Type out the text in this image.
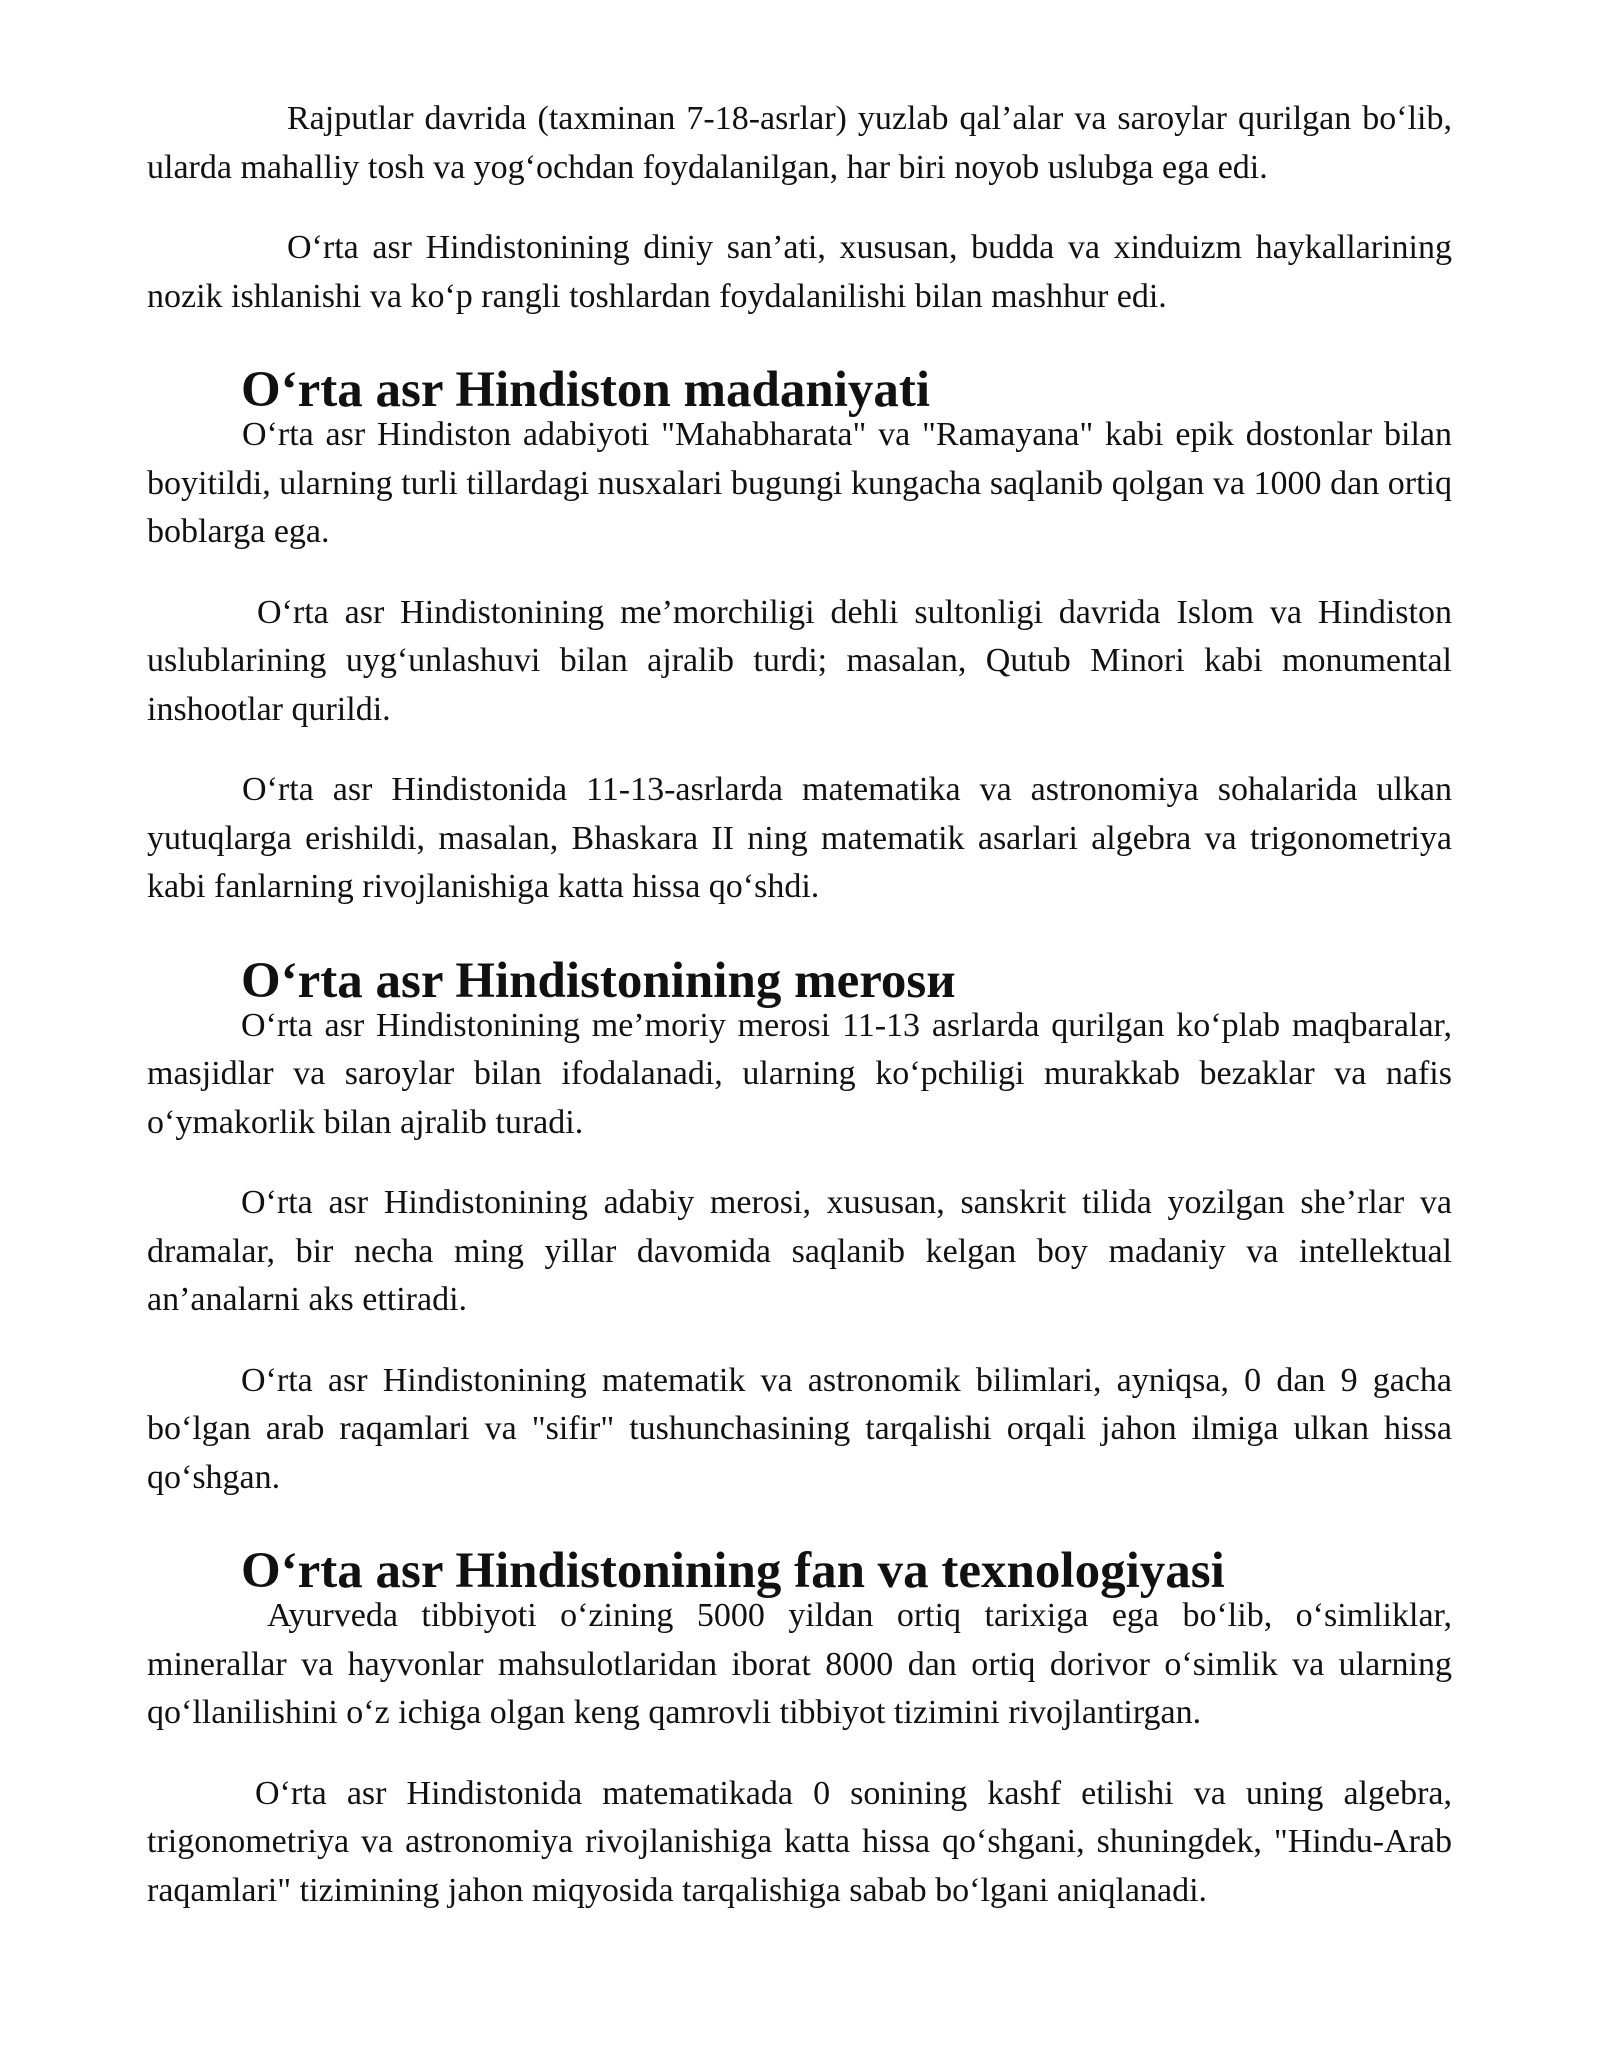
Rajputlar davrida (taxminan 7-18-asrlar) yuzlab qal’alar va saroylar qurilgan bo‘lib, ularda mahalliy tosh va yog‘ochdan foydalanilgan, har biri noyob uslubga ega edi.

O‘rta asr Hindistonining diniy san’ati, xususan, budda va xinduizm haykallarining nozik ishlanishi va ko‘p rangli toshlardan foydalanilishi bilan mashhur edi.

O‘rta asr Hindiston madaniyati

O‘rta asr Hindiston adabiyoti "Mahabharata" va "Ramayana" kabi epik dostonlar bilan boyitildi, ularning turli tillardagi nusxalari bugungi kungacha saqlanib qolgan va 1000 dan ortiq boblarga ega.

O‘rta asr Hindistonining me’morchiligi dehli sultonligi davrida Islom va Hindiston uslublarining uyg‘unlashuvi bilan ajralib turdi; masalan, Qutub Minori kabi monumental inshootlar qurildi.

O‘rta asr Hindistonida 11-13-asrlarda matematika va astronomiya sohalarida ulkan yutuqlarga erishildi, masalan, Bhaskara II ning matematik asarlari algebra va trigonometriya kabi fanlarning rivojlanishiga katta hissa qo‘shdi.

O‘rta asr Hindistonining merosи

O‘rta asr Hindistonining me’moriy merosi 11-13 asrlarda qurilgan ko‘plab maqbaralar, masjidlar va saroylar bilan ifodalanadi, ularning ko‘pchiligi murakkab bezaklar va nafis o‘ymakorlik bilan ajralib turadi.

O‘rta asr Hindistonining adabiy merosi, xususan, sanskrit tilida yozilgan she’rlar va dramalar, bir necha ming yillar davomida saqlanib kelgan boy madaniy va intellektual an’analarni aks ettiradi.

O‘rta asr Hindistonining matematik va astronomik bilimlari, ayniqsa, 0 dan 9 gacha bo‘lgan arab raqamlari va "sifir" tushunchasining tarqalishi orqali jahon ilmiga ulkan hissa qo‘shgan.

O‘rta asr Hindistonining fan va texnologiyasi

Ayurveda tibbiyoti o‘zining 5000 yildan ortiq tarixiga ega bo‘lib, o‘simliklar, minerallar va hayvonlar mahsulotlaridan iborat 8000 dan ortiq dorivor o‘simlik va ularning qo‘llanilishini o‘z ichiga olgan keng qamrovli tibbiyot tizimini rivojlantirgan.

O‘rta asr Hindistonida matematikada 0 sonining kashf etilishi va uning algebra, trigonometriya va astronomiya rivojlanishiga katta hissa qo‘shgani, shuningdek, "Hindu-Arab raqamlari" tizimining jahon miqyosida tarqalishiga sabab bo‘lgani aniqlanadi.
